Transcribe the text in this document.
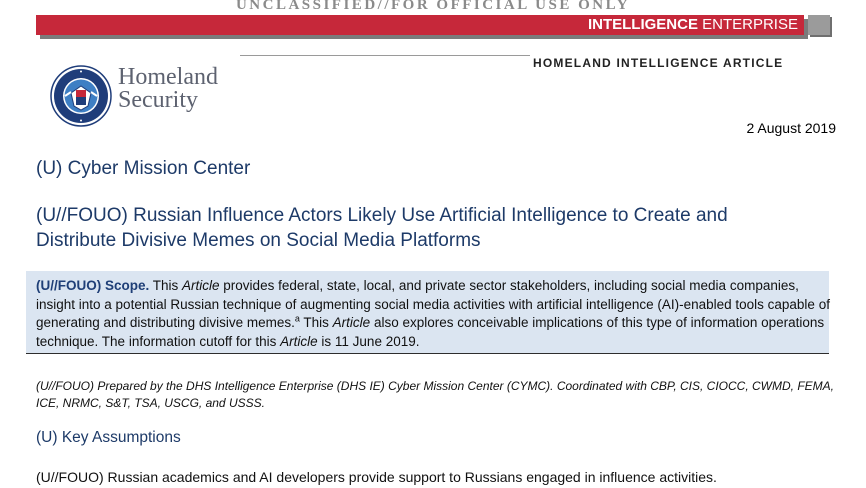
UNCLASSIFIED//FOR OFFICIAL USE ONLY
INTELLIGENCE ENTERPRISE
HOMELAND INTELLIGENCE ARTICLE
Homeland
Security
2 August 2019
(U) Cyber Mission Center
(U//FOUO) Russian Influence Actors Likely Use Artificial Intelligence to Create and
Distribute Divisive Memes on Social Media Platforms
(U//FOUO) Scope. This Article provides federal, state, local, and private sector stakeholders, including social media companies, insight into a potential Russian technique of augmenting social media activities with artificial intelligence (AI)-enabled tools capable of generating and distributing divisive memes.$^a$ This Article also explores conceivable implications of this type of information operations technique. The information cutoff for this Article is 11 June 2019.
(U//FOUO) Prepared by the DHS Intelligence Enterprise (DHS IE) Cyber Mission Center (CYMC). Coordinated with CBP, CIS, CIOCC, CWMD, FEMA, ICE, NRMC, S&T, TSA, USCG, and USSS.
(U) Key Assumptions
(U//FOUO) Russian academics and AI developers provide support to Russians engaged in influence activities.
